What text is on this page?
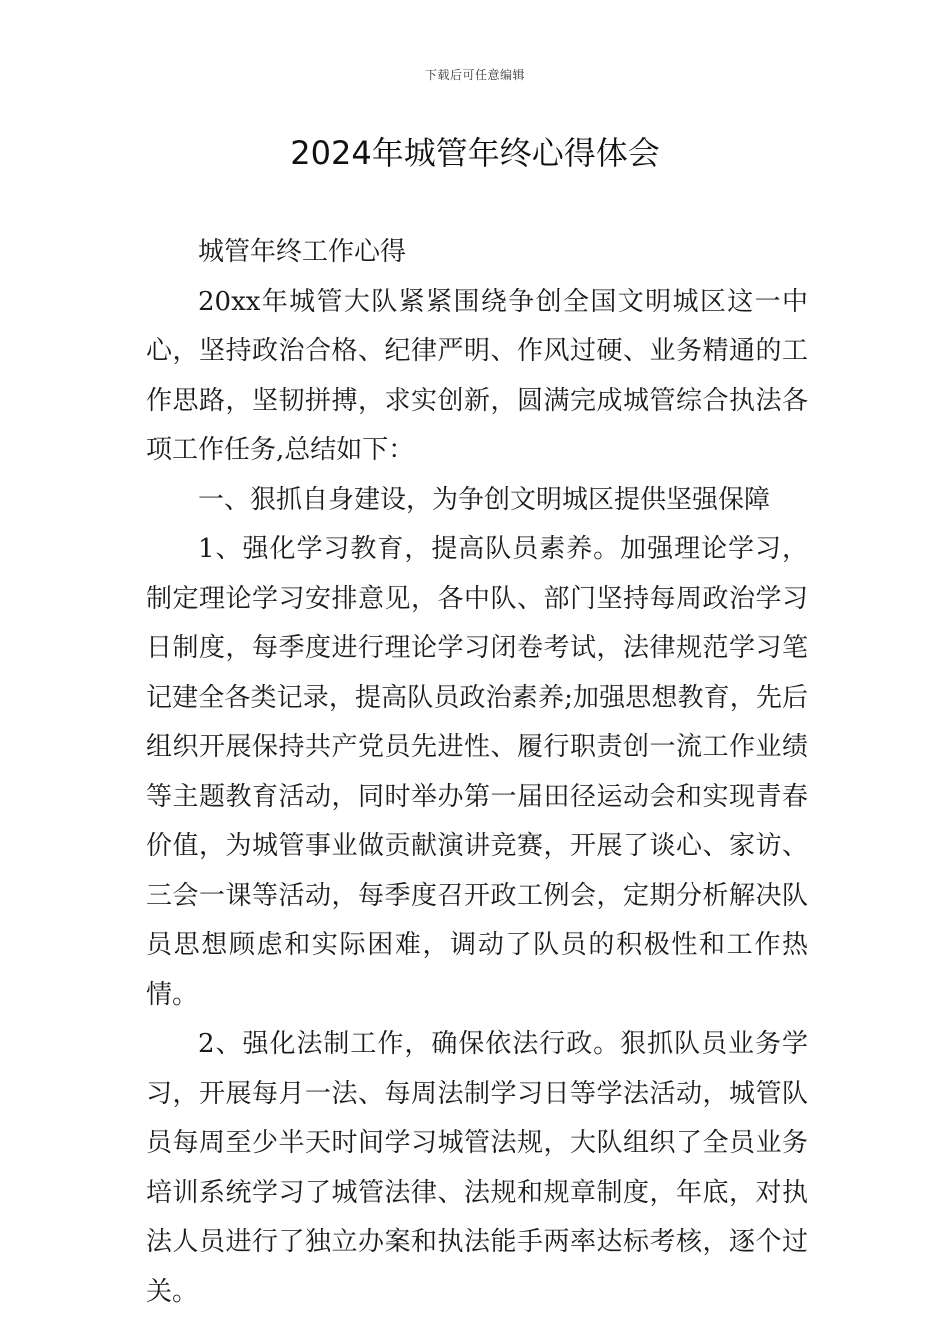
下载后可任意编辑
2024年城管年终心得体会

城管年终工作心得

20xx年城管大队紧紧围绕争创全国文明城区这一中心，坚持政治合格、纪律严明、作风过硬、业务精通的工作思路，坚韧拼搏，求实创新，圆满完成城管综合执法各项工作任务,总结如下：

一、狠抓自身建设，为争创文明城区提供坚强保障

1、强化学习教育，提高队员素养。加强理论学习，制定理论学习安排意见，各中队、部门坚持每周政治学习日制度，每季度进行理论学习闭卷考试，法律规范学习笔记建全各类记录，提高队员政治素养;加强思想教育，先后组织开展保持共产党员先进性、履行职责创一流工作业绩等主题教育活动，同时举办第一届田径运动会和实现青春价值，为城管事业做贡献演讲竞赛，开展了谈心、家访、三会一课等活动，每季度召开政工例会，定期分析解决队员思想顾虑和实际困难，调动了队员的积极性和工作热情。

2、强化法制工作，确保依法行政。狠抓队员业务学习，开展每月一法、每周法制学习日等学法活动，城管队员每周至少半天时间学习城管法规，大队组织了全员业务培训系统学习了城管法律、法规和规章制度，年底，对执法人员进行了独立办案和执法能手两率达标考核，逐个过关。
